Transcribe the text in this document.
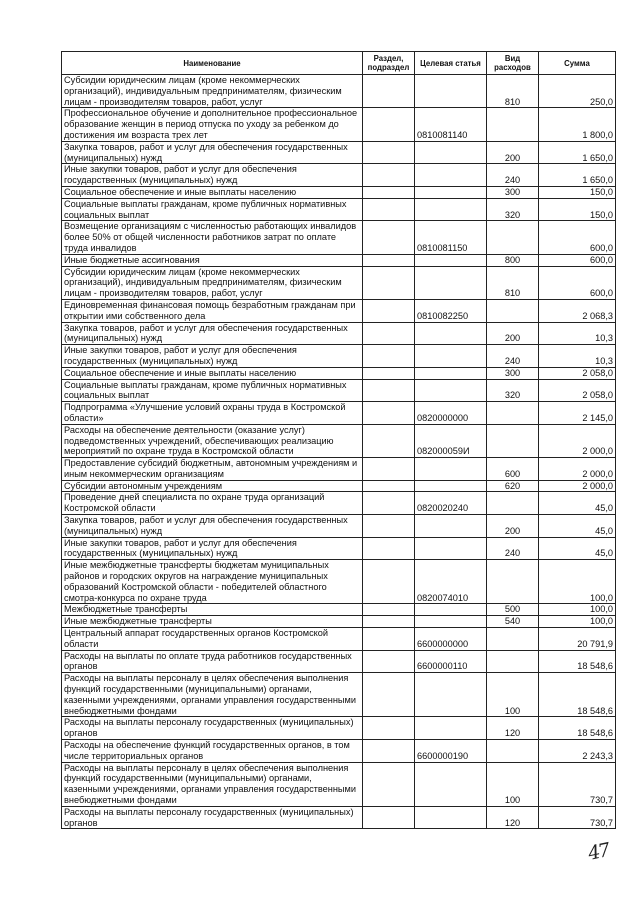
Наименование	Раздел, подраздел	Целевая статья	Вид расходов	Сумма
Субсидии юридическим лицам (кроме некоммерческих организаций), индивидуальным предпринимателям, физическим лицам - производителям товаров, работ, услуг			810	250,0
Профессиональное обучение и дополнительное профессиональное образование женщин в период отпуска по уходу за ребенком до достижения им возраста трех лет		0810081140		1 800,0
Закупка товаров, работ и услуг для обеспечения государственных (муниципальных) нужд			200	1 650,0
Иные закупки товаров, работ и услуг для обеспечения государственных (муниципальных) нужд			240	1 650,0
Социальное обеспечение и иные выплаты населению			300	150,0
Социальные выплаты гражданам, кроме публичных нормативных социальных выплат			320	150,0
Возмещение организациям с численностью работающих инвалидов более 50% от общей численности работников затрат по оплате труда инвалидов		0810081150		600,0
Иные бюджетные ассигнования			800	600,0
Субсидии юридическим лицам (кроме некоммерческих организаций), индивидуальным предпринимателям, физическим лицам - производителям товаров, работ, услуг			810	600,0
Единовременная финансовая помощь безработным гражданам при открытии ими собственного дела		0810082250		2 068,3
Закупка товаров, работ и услуг для обеспечения государственных (муниципальных) нужд			200	10,3
Иные закупки товаров, работ и услуг для обеспечения государственных (муниципальных) нужд			240	10,3
Социальное обеспечение и иные выплаты населению			300	2 058,0
Социальные выплаты гражданам, кроме публичных нормативных социальных выплат			320	2 058,0
Подпрограмма «Улучшение условий охраны труда в Костромской области»		0820000000		2 145,0
Расходы на обеспечение деятельности (оказание услуг) подведомственных учреждений, обеспечивающих реализацию мероприятий по охране труда в Костромской области		082000059И		2 000,0
Предоставление субсидий бюджетным, автономным учреждениям и иным некоммерческим организациям			600	2 000,0
Субсидии автономным учреждениям			620	2 000,0
Проведение дней специалиста по охране труда организаций Костромской области		0820020240		45,0
Закупка товаров, работ и услуг для обеспечения государственных (муниципальных) нужд			200	45,0
Иные закупки товаров, работ и услуг для обеспечения государственных (муниципальных) нужд			240	45,0
Иные межбюджетные трансферты бюджетам муниципальных районов и городских округов на награждение муниципальных образований Костромской области - победителей областного смотра-конкурса по охране труда		0820074010		100,0
Межбюджетные трансферты			500	100,0
Иные межбюджетные трансферты			540	100,0
Центральный аппарат государственных органов Костромской области		6600000000		20 791,9
Расходы на выплаты по оплате труда работников государственных органов		6600000110		18 548,6
Расходы на выплаты персоналу в целях обеспечения выполнения функций государственными (муниципальными) органами, казенными учреждениями, органами управления государственными внебюджетными фондами			100	18 548,6
Расходы на выплаты персоналу государственных (муниципальных) органов			120	18 548,6
Расходы на обеспечение функций государственных органов, в том числе территориальных органов		6600000190		2 243,3
Расходы на выплаты персоналу в целях обеспечения выполнения функций государственными (муниципальными) органами, казенными учреждениями, органами управления государственными внебюджетными фондами			100	730,7
Расходы на выплаты персоналу государственных (муниципальных) органов			120	730,7
47
